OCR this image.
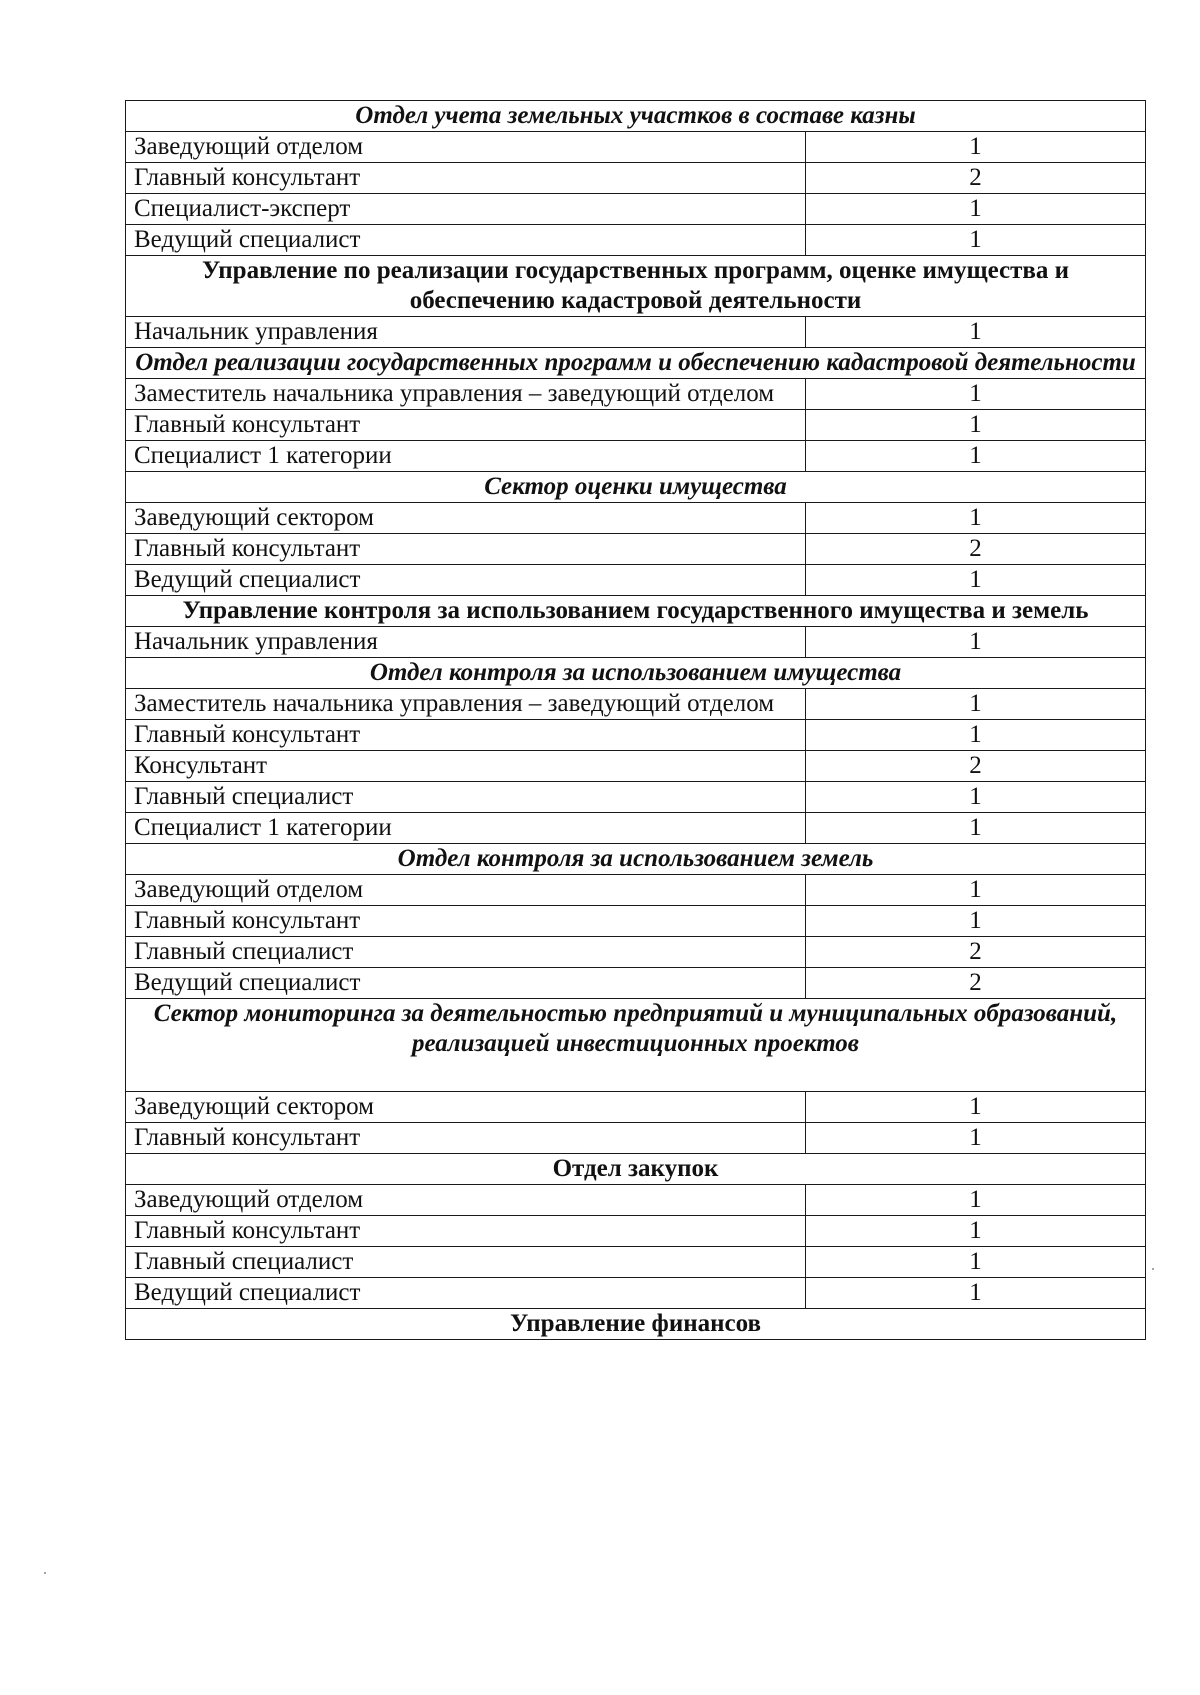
Отдел учета земельных участков в составе казны	
Заведующий отделом	1
Главный консультант	2
Специалист-эксперт	1
Ведущий специалист	1
Управление по реализации государственных программ, оценке имущества и обеспечению кадастровой деятельности	
Начальник управления	1
Отдел реализации государственных программ и обеспечению кадастровой деятельности	
Заместитель начальника управления – заведующий отделом	1
Главный консультант	1
Специалист 1 категории	1
Сектор оценки имущества	
Заведующий сектором	1
Главный консультант	2
Ведущий специалист	1
Управление контроля за использованием государственного имущества и земель	
Начальник управления	1
Отдел контроля за использованием имущества	
Заместитель начальника управления – заведующий отделом	1
Главный консультант	1
Консультант	2
Главный специалист	1
Специалист 1 категории	1
Отдел контроля за использованием земель	
Заведующий отделом	1
Главный консультант	1
Главный специалист	2
Ведущий специалист	2
Сектор мониторинга за деятельностью предприятий и муниципальных образований, реализацией инвестиционных проектов	
Заведующий сектором	1
Главный консультант	1
Отдел закупок	
Заведующий отделом	1
Главный консультант	1
Главный специалист	1
Ведущий специалист	1
Управление финансов	
